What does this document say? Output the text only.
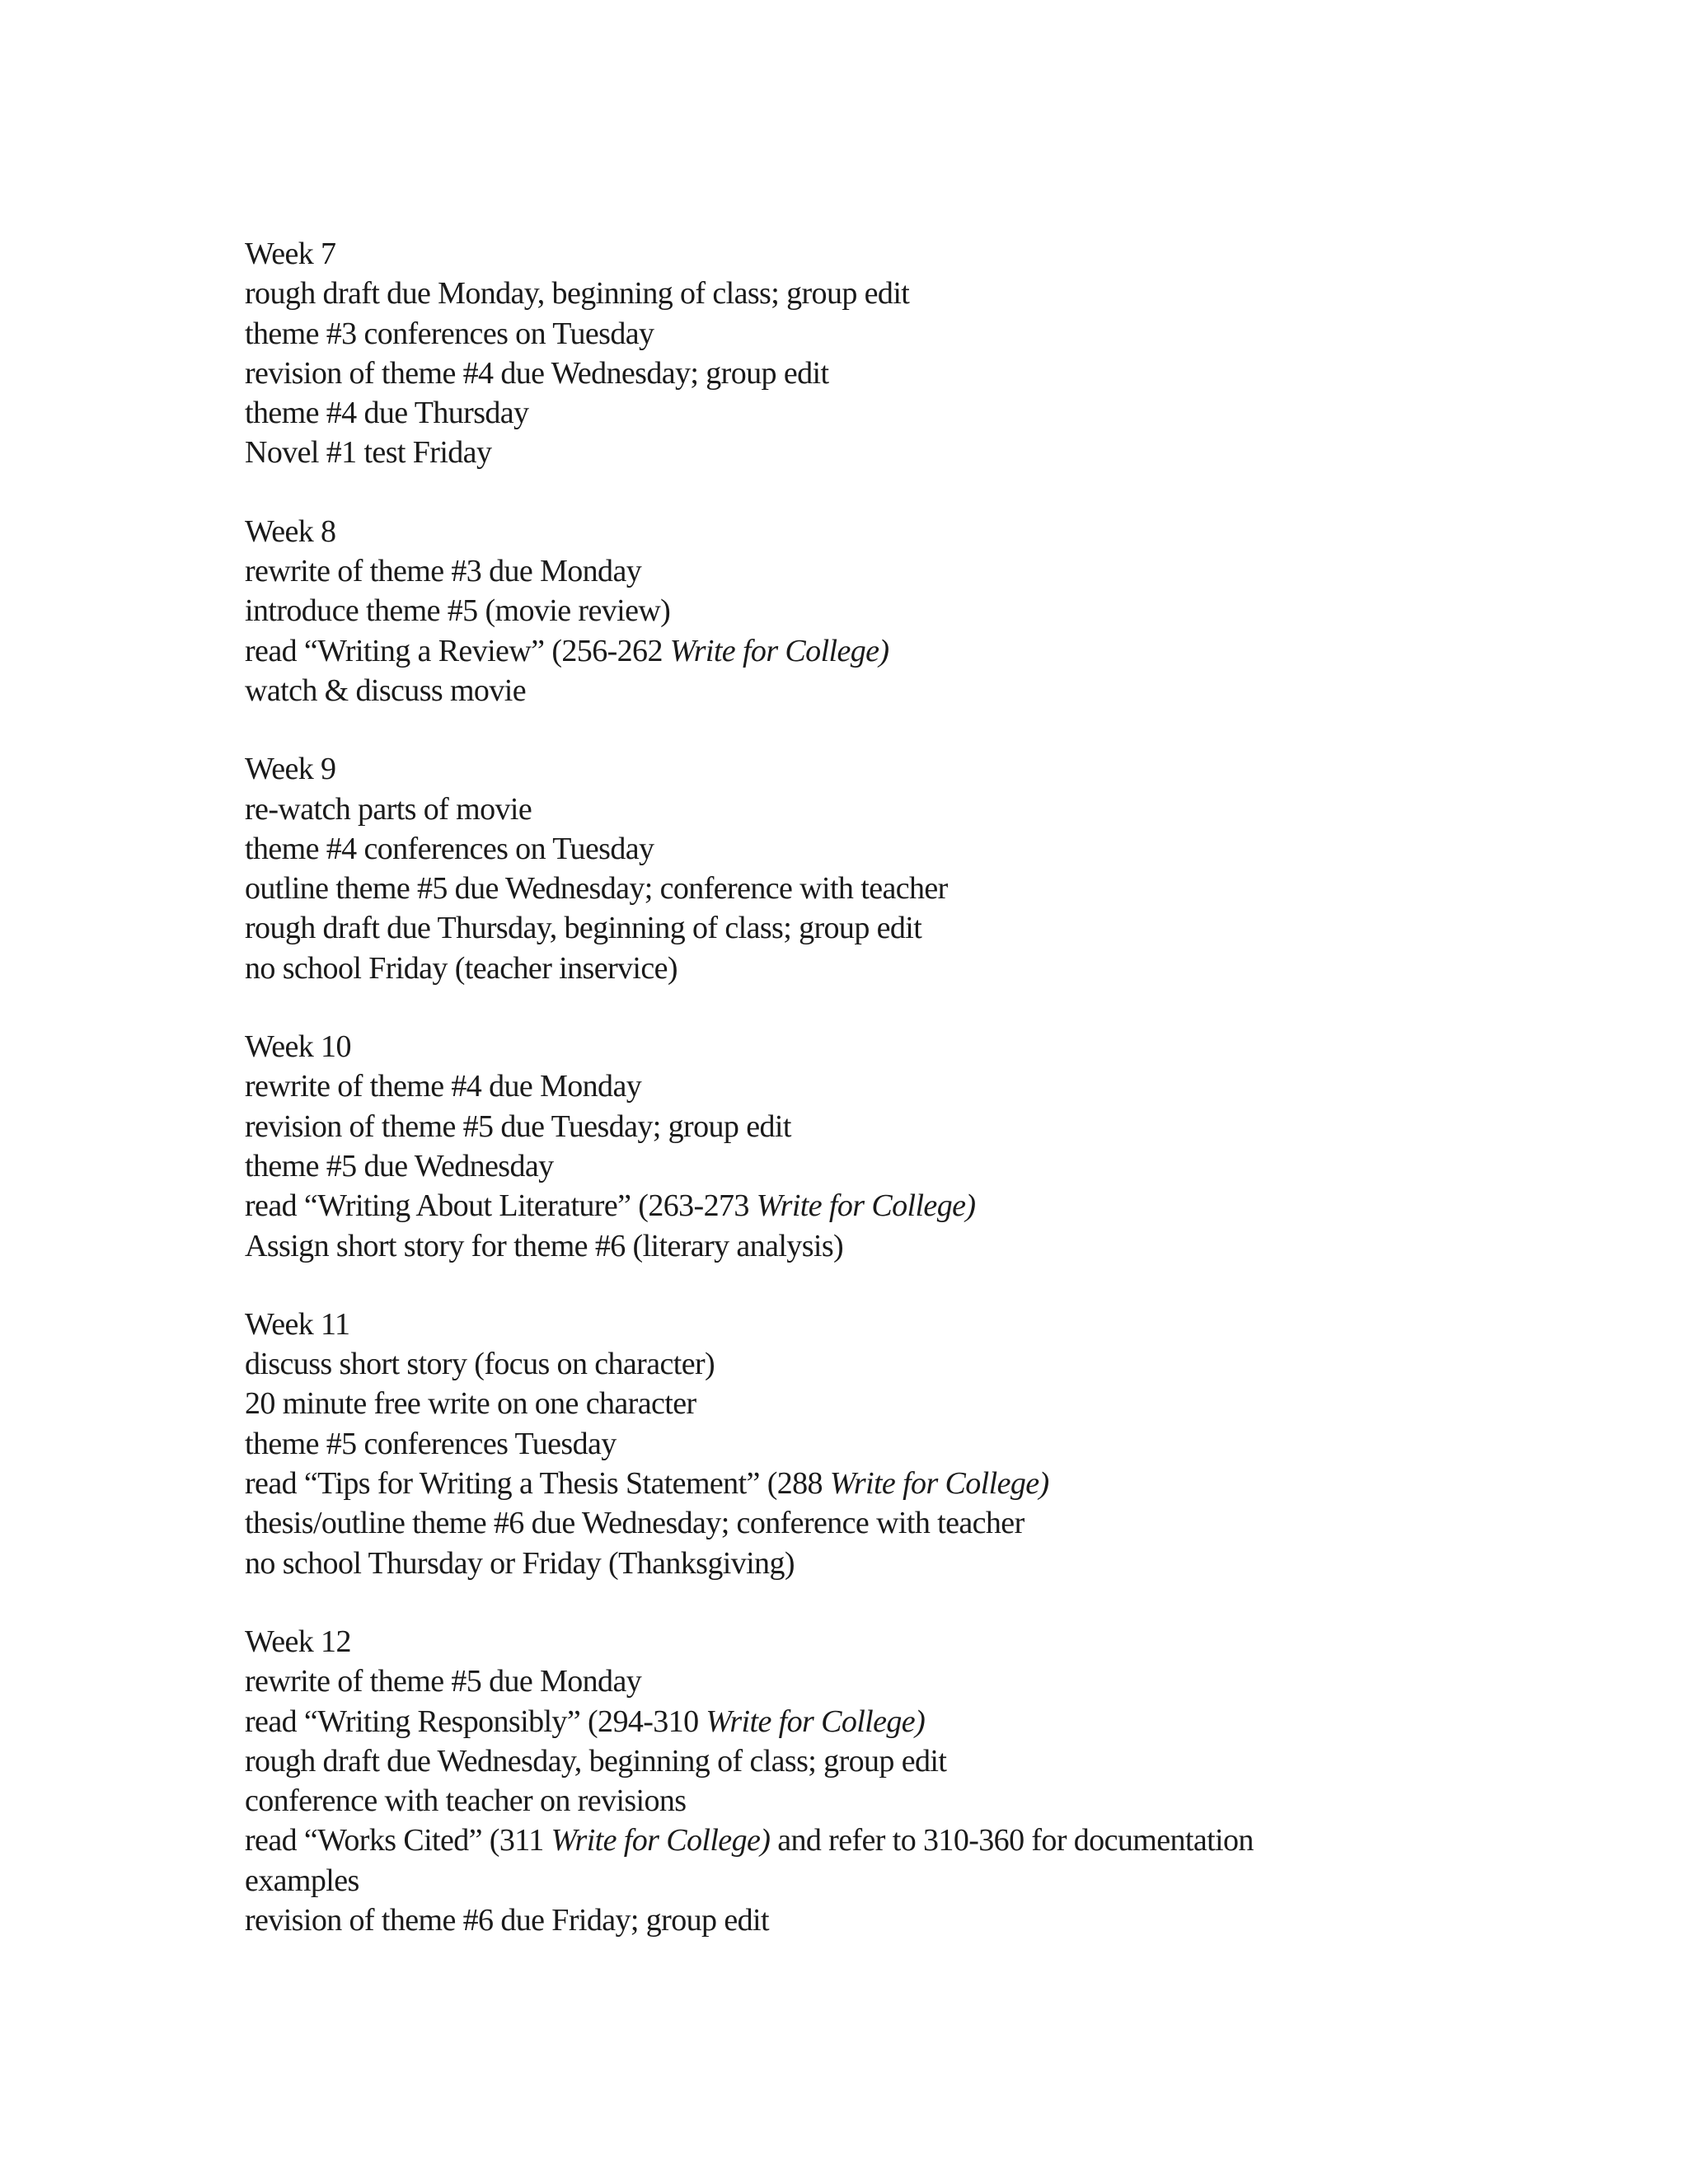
Week 7
rough draft due Monday, beginning of class; group edit
theme #3 conferences on Tuesday
revision of theme #4 due Wednesday; group edit
theme #4 due Thursday
Novel #1 test Friday
Week 8
rewrite of theme #3 due Monday
introduce theme #5 (movie review)
read “Writing a Review” (256-262 Write for College)
watch & discuss movie
Week 9
re-watch parts of movie
theme #4 conferences on Tuesday
outline theme #5 due Wednesday; conference with teacher
rough draft due Thursday, beginning of class; group edit
no school Friday (teacher inservice)
Week 10
rewrite of theme #4 due Monday
revision of theme #5 due Tuesday; group edit
theme #5 due Wednesday
read “Writing About Literature” (263-273 Write for College)
Assign short story for theme #6 (literary analysis)
Week 11
discuss short story (focus on character)
20 minute free write on one character
theme #5 conferences Tuesday
read “Tips for Writing a Thesis Statement” (288 Write for College)
thesis/outline theme #6 due Wednesday; conference with teacher
no school Thursday or Friday (Thanksgiving)
Week 12
rewrite of theme #5 due Monday
read “Writing Responsibly” (294-310 Write for College)
rough draft due Wednesday, beginning of class; group edit
conference with teacher on revisions
read “Works Cited” (311 Write for College) and refer to 310-360 for documentation
examples
revision of theme #6 due Friday; group edit
